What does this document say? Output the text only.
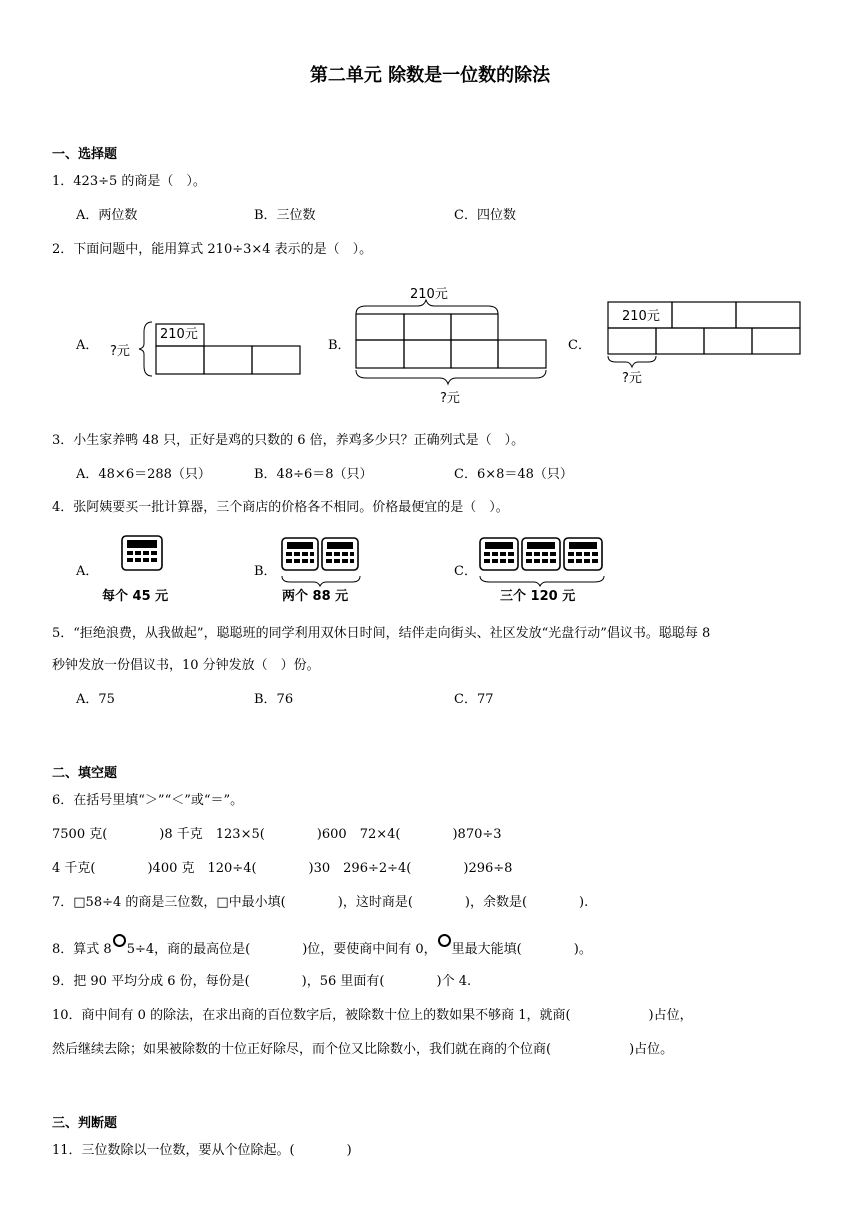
第二单元 除数是一位数的除法
一、选择题
1．423÷5 的商是（　）。
A．两位数	B．三位数	C．四位数
2．下面问题中，能用算式 210÷3×4 表示的是（　）。
A．	B．	C．
210元
?元
210元
?元
210元
?元
3．小生家养鸭 48 只，正好是鸡的只数的 6 倍，养鸡多少只？正确列式是（　）。
A．48×6＝288（只）	B．48÷6＝8（只）	C．6×8＝48（只）
4．张阿姨要买一批计算器，三个商店的价格各不相同。价格最便宜的是（　）。
A．	B．	C．
每个 45 元	两个 88 元	三个 120 元
5．“拒绝浪费，从我做起”，聪聪班的同学利用双休日时间，结伴走向街头、社区发放“光盘行动”倡议书。聪聪每 8
秒钟发放一份倡议书，10 分钟发放（　）份。
A．75	B．76	C．77
二、填空题
6．在括号里填“＞”“＜”或“＝”。
7500 克(　　　　)8 千克　123×5(　　　　)600　72×4(　　　　)870÷3
4 千克(　　　　)400 克　120÷4(　　　　)30　296÷2÷4(　　　　)296÷8
7．□58÷4 的商是三位数，□中最小填(　　　　)，这时商是(　　　　)，余数是(　　　　).
8．算式 8 5÷4，商的最高位是(　　　　)位，要使商中间有 0， 里最大能填(　　　　)。
9．把 90 平均分成 6 份，每份是(　　　　)，56 里面有(　　　　)个 4.
10．商中间有 0 的除法，在求出商的百位数字后，被除数十位上的数如果不够商 1，就商(　　　　　　)占位，
然后继续去除；如果被除数的十位正好除尽，而个位又比除数小，我们就在商的个位商(　　　　　　)占位。
三、判断题
11．三位数除以一位数，要从个位除起。(　　　　)
